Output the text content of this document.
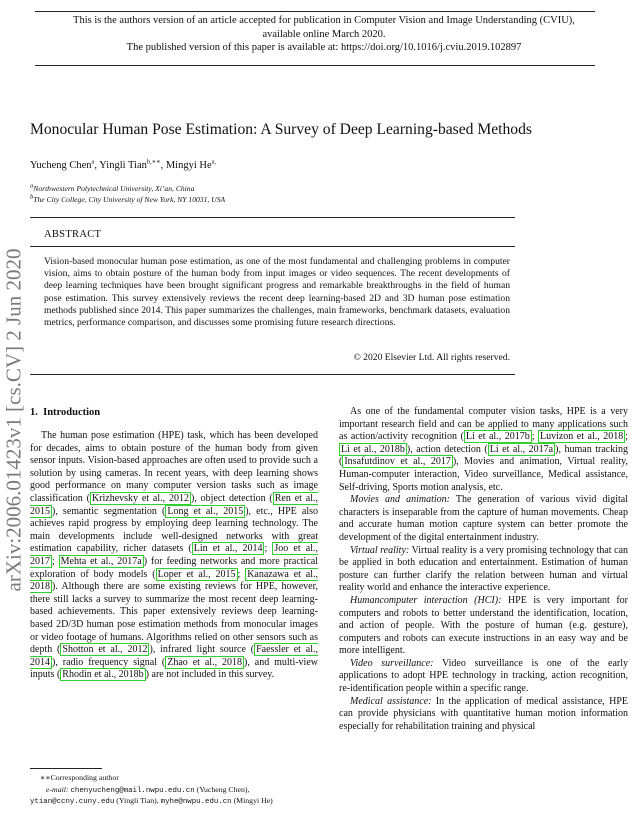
This is the authors version of an article accepted for publication in Computer Vision and Image Understanding (CVIU),
available online March 2020.
The published version of this paper is available at: https://doi.org/10.1016/j.cviu.2019.102897
arXiv:2006.01423v1 [cs.CV] 2 Jun 2020
Monocular Human Pose Estimation: A Survey of Deep Learning-based Methods
Yucheng Chen$^a$, Yingli Tian$^{b,∗∗}$, Mingyi $He^{a,}$
$^a$Northwestern Polytechnical University, Xi’an, China
$^b$The City College, City University of New York, NY 10031, USA
ABSTRACT
Vision-based monocular human pose estimation, as one of the most fundamental and challenging problems in computer vision, aims to obtain posture of the human body from input images or video sequences. The recent developments of deep learning techniques have been brought significant progress and remarkable breakthroughs in the field of human pose estimation. This survey extensively reviews the recent deep learning-based 2D and 3D human pose estimation methods published since 2014. This paper summarizes the challenges, main frameworks, benchmark datasets, evaluation metrics, performance comparison, and discusses some promising future research directions.
© 2020 Elsevier Ltd. All rights reserved.
1. Introduction

The human pose estimation (HPE) task, which has been developed for decades, aims to obtain posture of the human body from given sensor inputs. Vision-based approaches are often used to provide such a solution by using cameras. In recent years, with deep learning shows good performance on many computer version tasks such as image classification ( Krizhevsky et al., 2012 ), object detection ( Ren et al., 2015 ), semantic segmentation ( Long et al., 2015 ), etc., HPE also achieves rapid progress by employing deep learning technology. The main developments include well-designed networks with great estimation capability, richer datasets ( Lin et al., 2014 ; Joo et al., 2017 ; Mehta et al., 2017a ) for feeding networks and more practical exploration of body models ( Loper et al., 2015 ; Kanazawa et al., 2018 ). Although there are some existing reviews for HPE, however, there still lacks a survey to summarize the most recent deep learning-based achievements. This paper extensively reviews deep learning-based 2D/3D human pose estimation methods from monocular images or video footage of humans. Algorithms relied on other sensors such as depth ( Shotton et al., 2012 ), infrared light source ( Faessler et al., 2014 ), radio frequency signal ( Zhao et al., 2018 ), and multi-view inputs ( Rhodin et al., 2018b ) are not included in this survey.

∗∗Corresponding author
e-mail: chenyucheng@mail.nwpu.edu.cn (Yucheng Chen),
ytian@ccny.cuny.edu (Yingli Tian), myhe@nwpu.edu.cn (Mingyi He)

As one of the fundamental computer vision tasks, HPE is a very important research field and can be applied to many applications such as action/activity recognition ( Li et al., 2017b ; Luvizon et al., 2018 ; Li et al., 2018b ), action detection ( Li et al., 2017a ), human tracking ( Insafutdinov et al., 2017 ), Movies and animation, Virtual reality, Human-computer interaction, Video surveillance, Medical assistance, Self-driving, Sports motion analysis, etc.

Movies and animation: The generation of various vivid digital characters is inseparable from the capture of human movements. Cheap and accurate human motion capture system can better promote the development of the digital entertainment industry.

Virtual reality: Virtual reality is a very promising technology that can be applied in both education and entertainment. Estimation of human posture can further clarify the relation between human and virtual reality world and enhance the interactive experience.

Humancomputer interaction (HCI): HPE is very important for computers and robots to better understand the identification, location, and action of people. With the posture of human (e.g. gesture), computers and robots can execute instructions in an easy way and be more intelligent.

Video surveillance: Video surveillance is one of the early applications to adopt HPE technology in tracking, action recognition, re-identification people within a specific range.

Medical assistance: In the application of medical assistance, HPE can provide physicians with quantitative human motion information especially for rehabilitation training and physical
